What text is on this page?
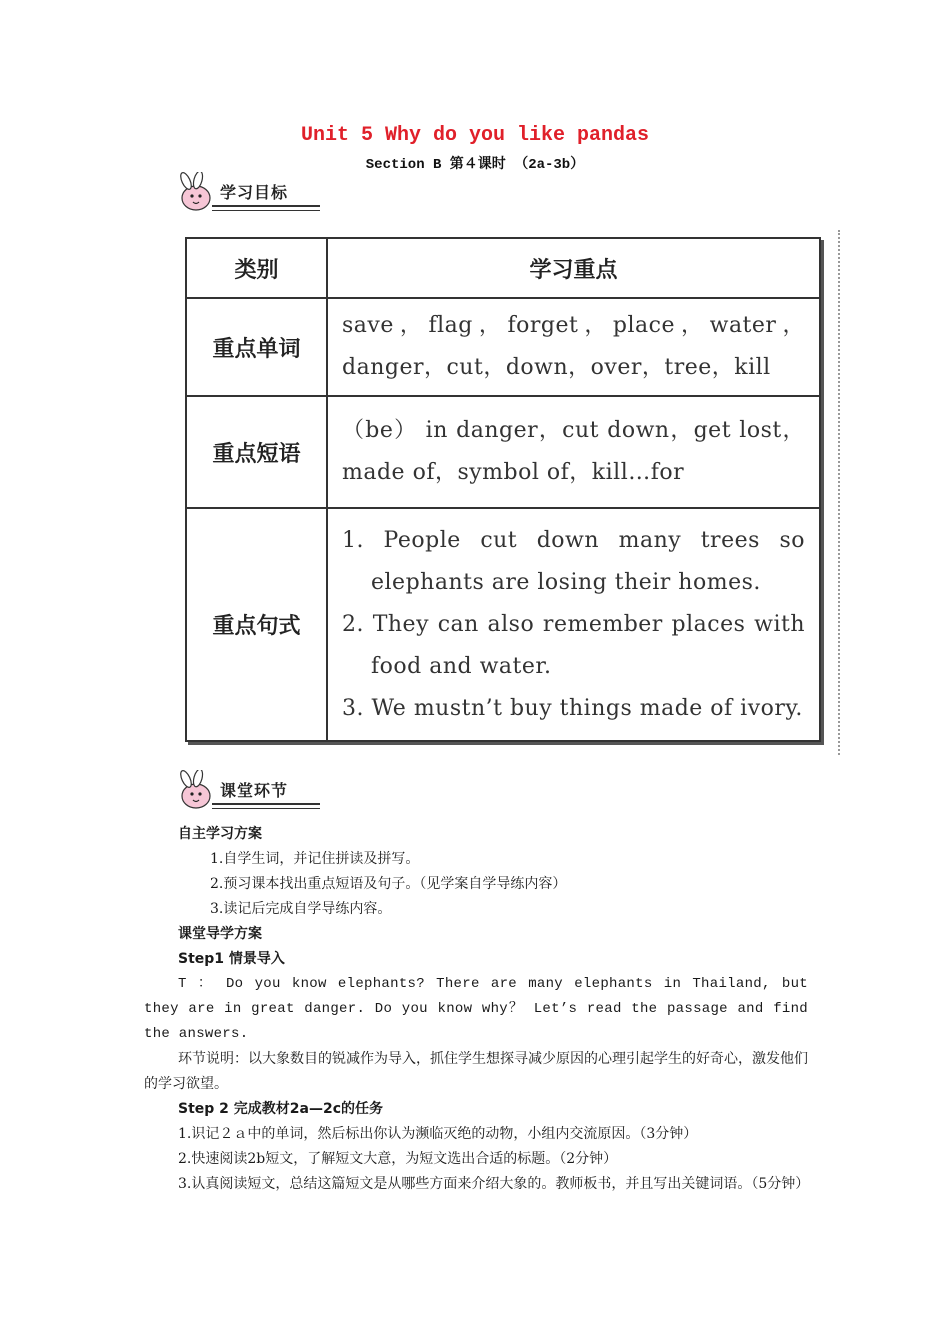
Unit 5 Why do you like pandas
Section B 第４课时 （2a-3b）
学习目标
类别	学习重点
重点单词	save，flag，forget，place，water，danger，cut，down，over，tree，kill
重点短语	（be） in danger，cut down，get lost，made of，symbol of，kill…for
重点句式	1. People cut down many trees so elephants are losing their homes.
2. They can also remember places with food and water.
3. We mustn’t buy things made of ivory.
课堂环节
自主学习方案
1.自学生词，并记住拼读及拼写。
2.预习课本找出重点短语及句子。（见学案自学导练内容）
3.读记后完成自学导练内容。
课堂导学方案
Step1 情景导入
T ： Do you know elephants? There are many elephants in Thailand, but they are in great danger. Do you know why？ Let’s read the passage and find the answers.
环节说明：以大象数目的锐减作为导入，抓住学生想探寻减少原因的心理引起学生的好奇心，激发他们的学习欲望。
Step 2 完成教材2a—2c的任务
1.识记２ａ中的单词，然后标出你认为濒临灭绝的动物，小组内交流原因。（3分钟）
2.快速阅读2b短文，了解短文大意，为短文选出合适的标题。（2分钟）
3.认真阅读短文，总结这篇短文是从哪些方面来介绍大象的。教师板书，并且写出关键词语。（5分钟）
